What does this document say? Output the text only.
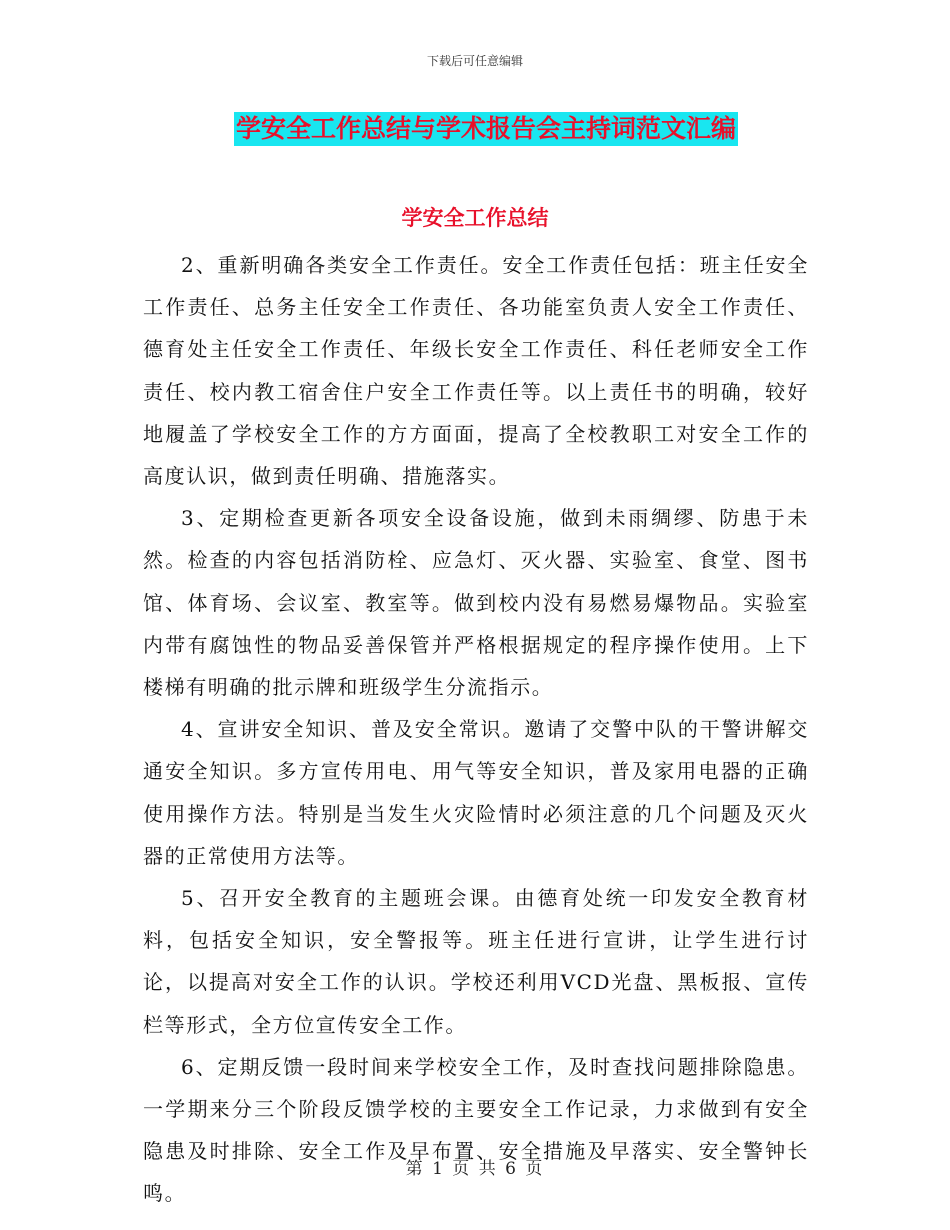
下载后可任意编辑
学安全工作总结与学术报告会主持词范文汇编
学安全工作总结

2、重新明确各类安全工作责任。安全工作责任包括：班主任安全工作责任、总务主任安全工作责任、各功能室负责人安全工作责任、德育处主任安全工作责任、年级长安全工作责任、科任老师安全工作责任、校内教工宿舍住户安全工作责任等。以上责任书的明确，较好地履盖了学校安全工作的方方面面，提高了全校教职工对安全工作的高度认识，做到责任明确、措施落实。

3、定期检查更新各项安全设备设施，做到未雨绸缪、防患于未然。检查的内容包括消防栓、应急灯、灭火器、实验室、食堂、图书馆、体育场、会议室、教室等。做到校内没有易燃易爆物品。实验室内带有腐蚀性的物品妥善保管并严格根据规定的程序操作使用。上下楼梯有明确的批示牌和班级学生分流指示。

4、宣讲安全知识、普及安全常识。邀请了交警中队的干警讲解交通安全知识。多方宣传用电、用气等安全知识，普及家用电器的正确使用操作方法。特别是当发生火灾险情时必须注意的几个问题及灭火器的正常使用方法等。

5、召开安全教育的主题班会课。由德育处统一印发安全教育材料，包括安全知识，安全警报等。班主任进行宣讲，让学生进行讨论，以提高对安全工作的认识。学校还利用VCD光盘、黑板报、宣传栏等形式，全方位宣传安全工作。

6、定期反馈一段时间来学校安全工作，及时查找问题排除隐患。一学期来分三个阶段反馈学校的主要安全工作记录，力求做到有安全隐患及时排除、安全工作及早布置、安全措施及早落实、安全警钟长鸣。

第 1 页 共 6 页
